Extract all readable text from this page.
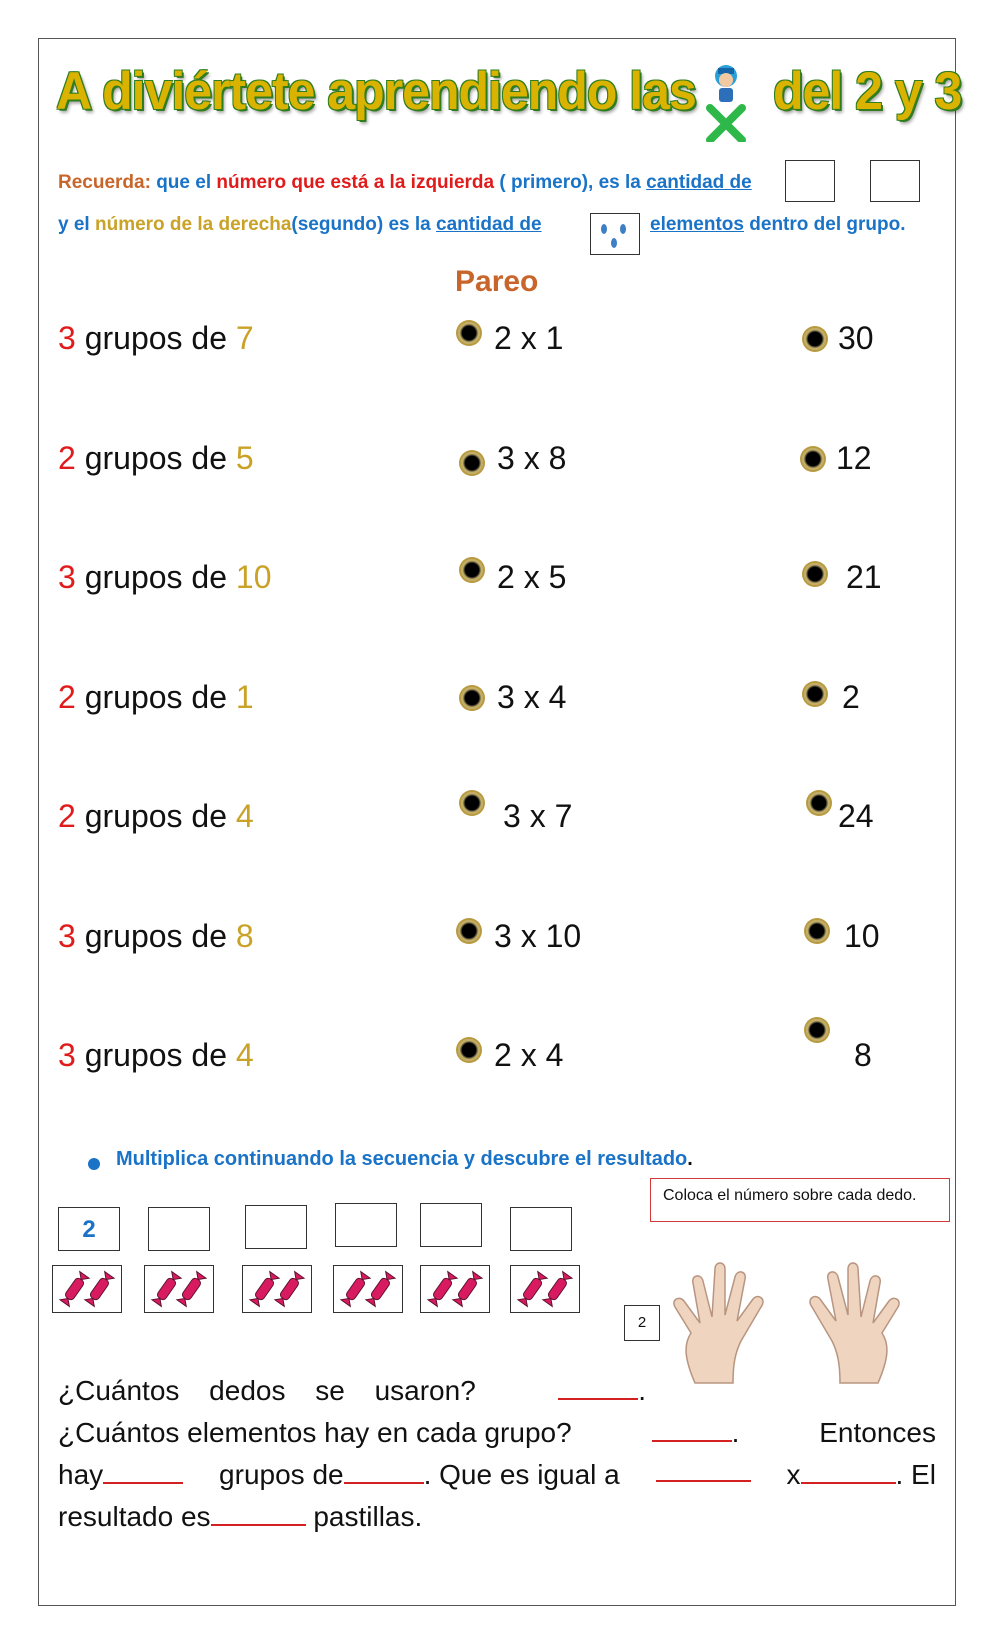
A diviértete aprendiendo las del 2 y 3
Recuerda: que el número que está a la izquierda ( primero), es la cantidad de
y el número de la derecha(segundo) es la cantidad de	elementos dentro del grupo.
Pareo
3 grupos de 7	2 x 1	30
2 grupos de 5	3 x 8	12
3 grupos de 10	2 x 5	21
2 grupos de 1	3 x 4	2
2 grupos de 4	3 x 7	24
3 grupos de 8	3 x 10	10
3 grupos de 4	2 x 4	8
Multiplica continuando la secuencia y descubre el resultado.
Coloca el número sobre cada dedo.
2
2
¿Cuántos dedos se usaron?	.
¿Cuántos elementos hay en cada grupo?	.	Entonces
hay	grupos de	. Que es igual a	x	. El
resultado es	pastillas.
